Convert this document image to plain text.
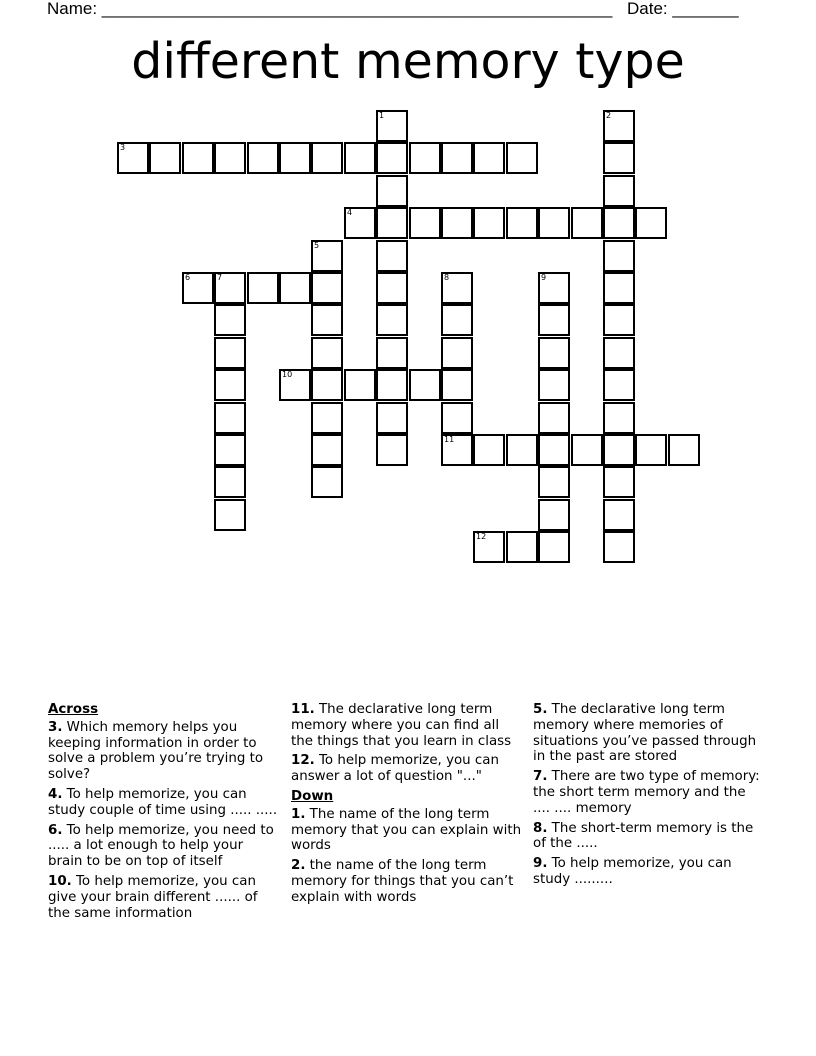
Name: ______________________________________________________ Date: _______
different memory type
1	2
3
4
5
6	7	8	9
10
11
12
Across
3. Which memory helps you keeping information in order to solve a problem you’re trying to solve?
4. To help memorize, you can study couple of time using ..... .....
6. To help memorize, you need to ..... a lot enough to help your brain to be on top of itself
10. To help memorize, you can give your brain different ...... of the same information
11. The declarative long term memory where you can find all the things that you learn in class
12. To help memorize, you can answer a lot of question "..."
Down
1. The name of the long term memory that you can explain with words
2. the name of the long term memory for things that you can’t explain with words
5. The declarative long term memory where memories of situations you’ve passed through in the past are stored
7. There are two type of memory: the short term memory and the .... .... memory
8. The short-term memory is the of the .....
9. To help memorize, you can study .........
